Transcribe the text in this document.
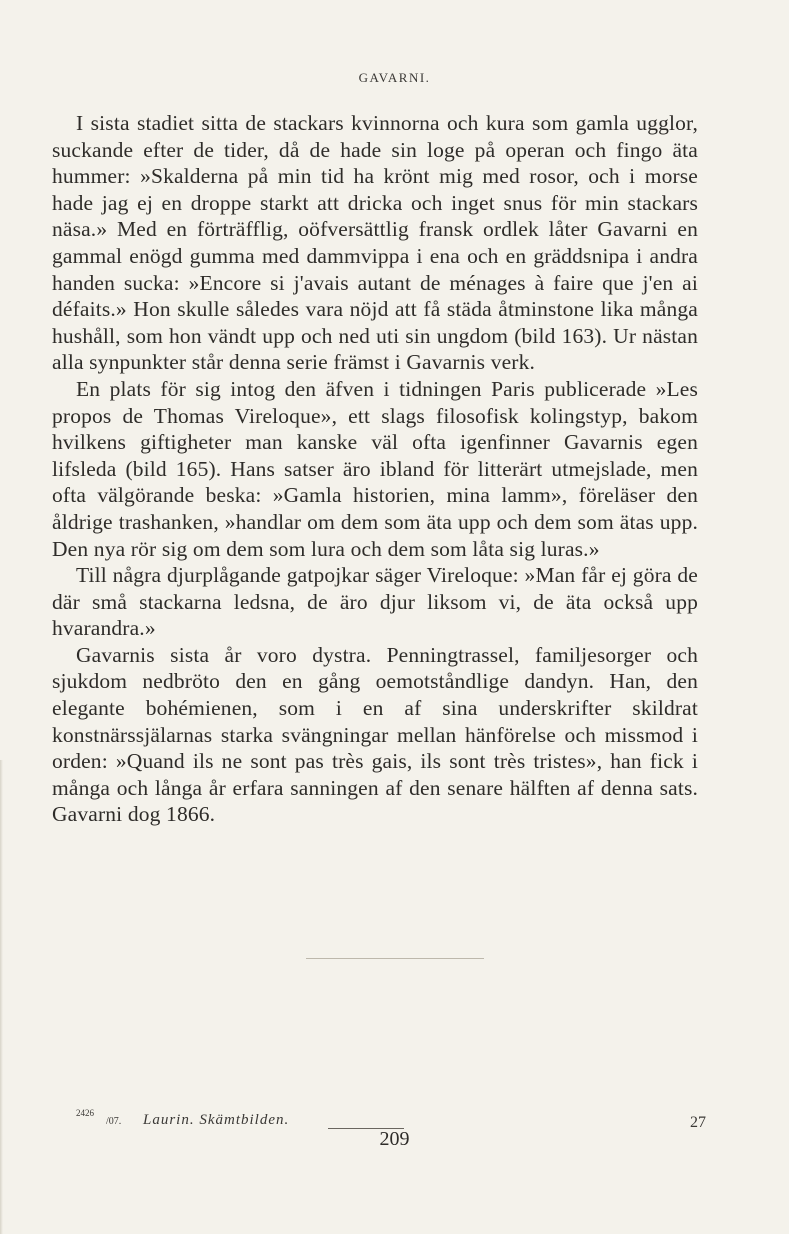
GAVARNI.

I sista stadiet sitta de stackars kvinnorna och kura som gamla ugglor, suckande efter de tider, då de hade sin loge på operan och fingo äta hummer: »Skalderna på min tid ha krönt mig med rosor, och i morse hade jag ej en droppe starkt att dricka och inget snus för min stackars näsa.» Med en förträfflig, oöfversättlig fransk ordlek låter Gavarni en gammal enögd gumma med dammvippa i ena och en gräddsnipa i andra handen sucka: »Encore si j'avais autant de ménages à faire que j'en ai défaits.» Hon skulle således vara nöjd att få städa åtminstone lika många hushåll, som hon vändt upp och ned uti sin ungdom (bild 163). Ur nästan alla synpunkter står denna serie främst i Gavarnis verk.

En plats för sig intog den äfven i tidningen Paris publicerade »Les propos de Thomas Vireloque», ett slags filosofisk kolingstyp, bakom hvilkens giftigheter man kanske väl ofta igenfinner Gavarnis egen lifsleda (bild 165). Hans satser äro ibland för litterärt utmejslade, men ofta välgörande beska: »Gamla historien, mina lamm», föreläser den åldrige trashanken, »handlar om dem som äta upp och dem som ätas upp. Den nya rör sig om dem som lura och dem som låta sig luras.»

Till några djurplågande gatpojkar säger Vireloque: »Man får ej göra de där små stackarna ledsna, de äro djur liksom vi, de äta också upp hvarandra.»

Gavarnis sista år voro dystra. Penningtrassel, familjesorger och sjukdom nedbröto den en gång oemotståndlige dandyn. Han, den elegante bohémienen, som i en af sina underskrifter skildrat konstnärssjälarnas starka svängningar mellan hänförelse och missmod i orden: »Quand ils ne sont pas très gais, ils sont très tristes», han fick i många och långa år erfara sanningen af den senare hälften af denna sats. Gavarni dog 1866.

2426
/07. Laurin. Skämtbilden.	27
209
